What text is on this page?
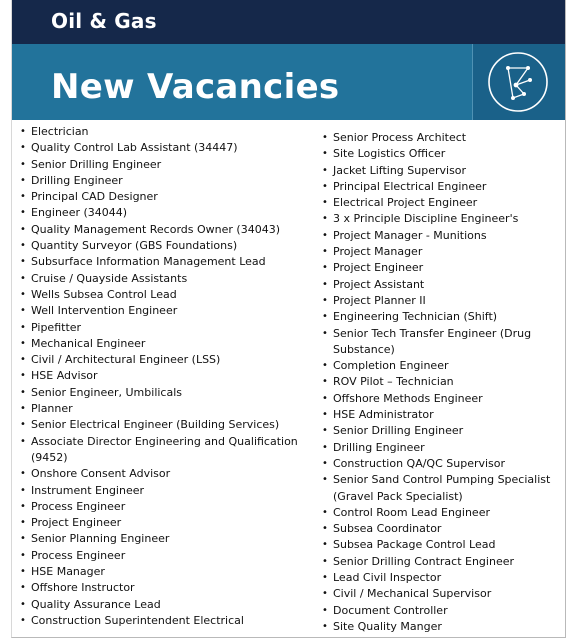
Oil & Gas
New Vacancies
• Electrician
• Quality Control Lab Assistant (34447)
• Senior Drilling Engineer
• Drilling Engineer
• Principal CAD Designer
• Engineer (34044)
• Quality Management Records Owner (34043)
• Quantity Surveyor (GBS Foundations)
• Subsurface Information Management Lead
• Cruise / Quayside Assistants
• Wells Subsea Control Lead
• Well Intervention Engineer
• Pipefitter
• Mechanical Engineer
• Civil / Architectural Engineer (LSS)
• HSE Advisor
• Senior Engineer, Umbilicals
• Planner
• Senior Electrical Engineer (Building Services)
• Associate Director Engineering and Qualification (9452)
• Onshore Consent Advisor
• Instrument Engineer
• Process Engineer
• Project Engineer
• Senior Planning Engineer
• Process Engineer
• HSE Manager
• Offshore Instructor
• Quality Assurance Lead
• Construction Superintendent Electrical
• Senior Process Architect
• Site Logistics Officer
• Jacket Lifting Supervisor
• Principal Electrical Engineer
• Electrical Project Engineer
• 3 x Principle Discipline Engineer's
• Project Manager - Munitions
• Project Manager
• Project Engineer
• Project Assistant
• Project Planner II
• Engineering Technician (Shift)
• Senior Tech Transfer Engineer (Drug Substance)
• Completion Engineer
• ROV Pilot – Technician
• Offshore Methods Engineer
• HSE Administrator
• Senior Drilling Engineer
• Drilling Engineer
• Construction QA/QC Supervisor
• Senior Sand Control Pumping Specialist (Gravel Pack Specialist)
• Control Room Lead Engineer
• Subsea Coordinator
• Subsea Package Control Lead
• Senior Drilling Contract Engineer
• Lead Civil Inspector
• Civil / Mechanical Supervisor
• Document Controller
• Site Quality Manger
